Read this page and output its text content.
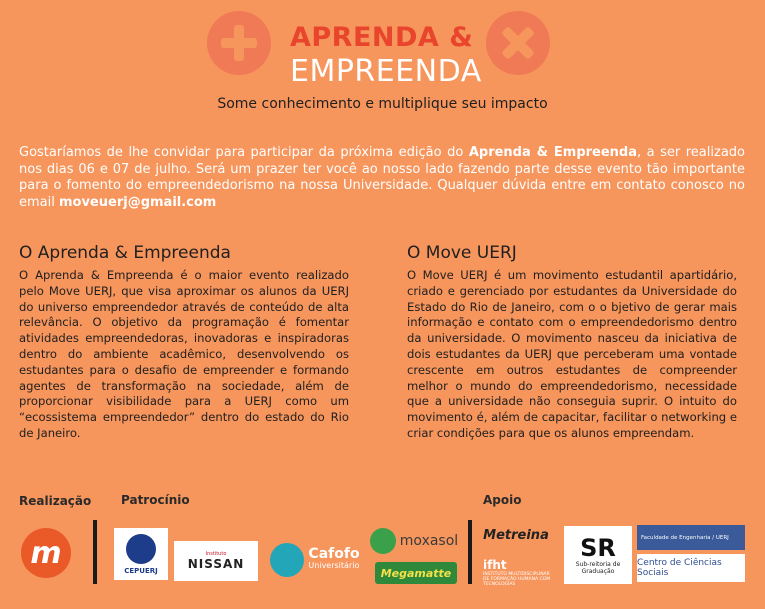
APRENDA &
EMPREENDA
Some conhecimento e multiplique seu impacto
Gostaríamos de lhe convidar para participar da próxima edição do Aprenda & Empreenda, a ser realizado nos dias 06 e 07 de julho. Será um prazer ter você ao nosso lado fazendo parte desse evento tão importante para o fomento do empreendedorismo na nossa Universidade. Qualquer dúvida entre em contato conosco no email moveuerj@gmail.com
O Aprenda & Empreenda

O Aprenda & Empreenda é o maior evento realizado pelo Move UERJ, que visa aproximar os alunos da UERJ do universo empreendedor através de conteúdo de alta relevância. O objetivo da programação é fomentar atividades empreendedoras, inovadoras e inspiradoras dentro do ambiente acadêmico, desenvolvendo os estudantes para o desafio de empreender e formando agentes de transformação na sociedade, além de proporcionar visibilidade para a UERJ como um “ecossistema empreendedor” dentro do estado do Rio de Janeiro.

O Move UERJ

O Move UERJ é um movimento estudantil apartidário, criado e gerenciado por estudantes da Universidade do Estado do Rio de Janeiro, com o o bjetivo de gerar mais informação e contato com o empreendedorismo dentro da universidade. O movimento nasceu da iniciativa de dois estudantes da UERJ que perceberam uma vontade crescente em outros estudantes de compreender melhor o mundo do empreendedorismo, necessidade que a universidade não conseguia suprir. O intuito do movimento é, além de capacitar, facilitar o networking e criar condições para que os alunos empreendam.

Realização Patrocínio	Apoio
m	CEPUERJ
Instituto
NISSAN
Cafofo
Universitário
moxasol
Megamatte
Metreina
ifht
INSTITUTO MULTIDISCIPLINAR DE FORMAÇÃO HUMANA COM TECNOLOGIAS
SR
Sub-reitoria de Graduação
Faculdade de Engenharia / UERJ
Centro de Ciências Sociais
